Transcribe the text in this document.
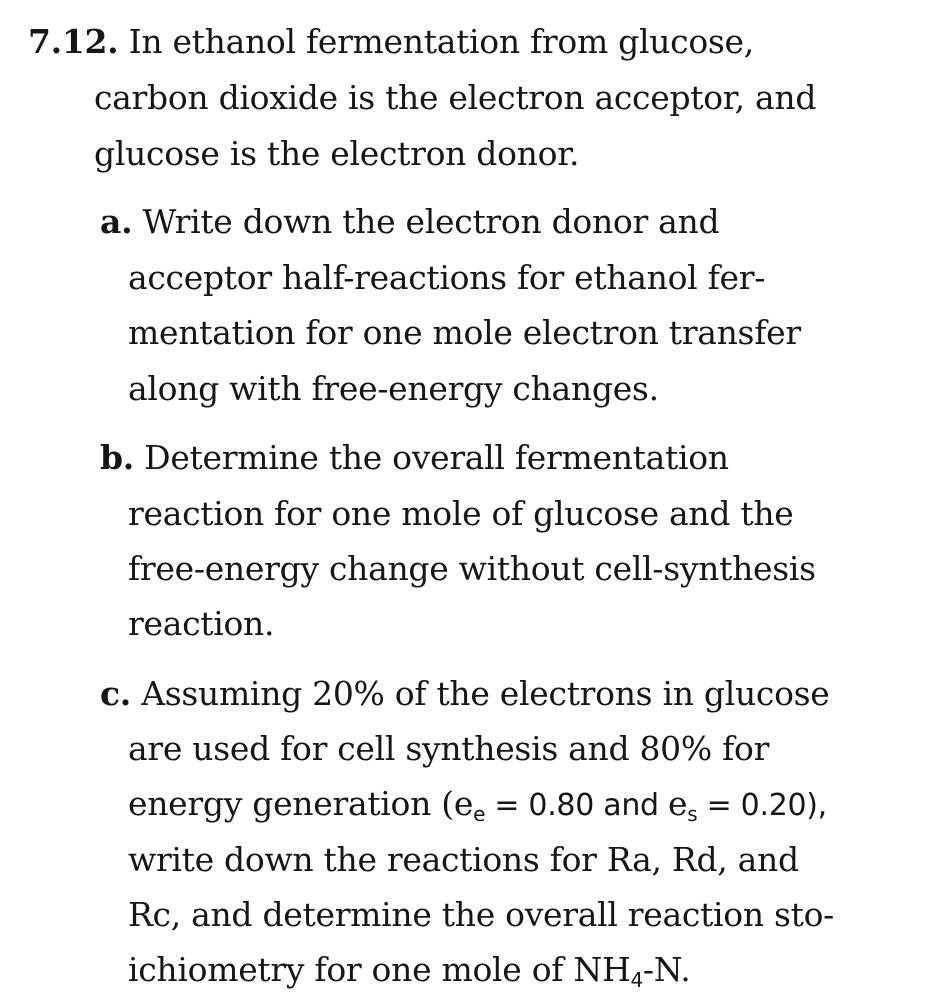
7.12. In ethanol fermentation from glucose,
carbon dioxide is the electron acceptor, and
glucose is the electron donor.
a. Write down the electron donor and
acceptor half-reactions for ethanol fer-
mentation for one mole electron transfer
along with free-energy changes.
b. Determine the overall fermentation
reaction for one mole of glucose and the
free-energy change without cell-synthesis
reaction.
c. Assuming 20% of the electrons in glucose
are used for cell synthesis and 80% for
energy generation ($e_e = 0.80$ and $e_s = 0.20$),
write down the reactions for Ra, Rd, and
Rc, and determine the overall reaction sto-
ichiometry for one mole of $NH_4-N$.
